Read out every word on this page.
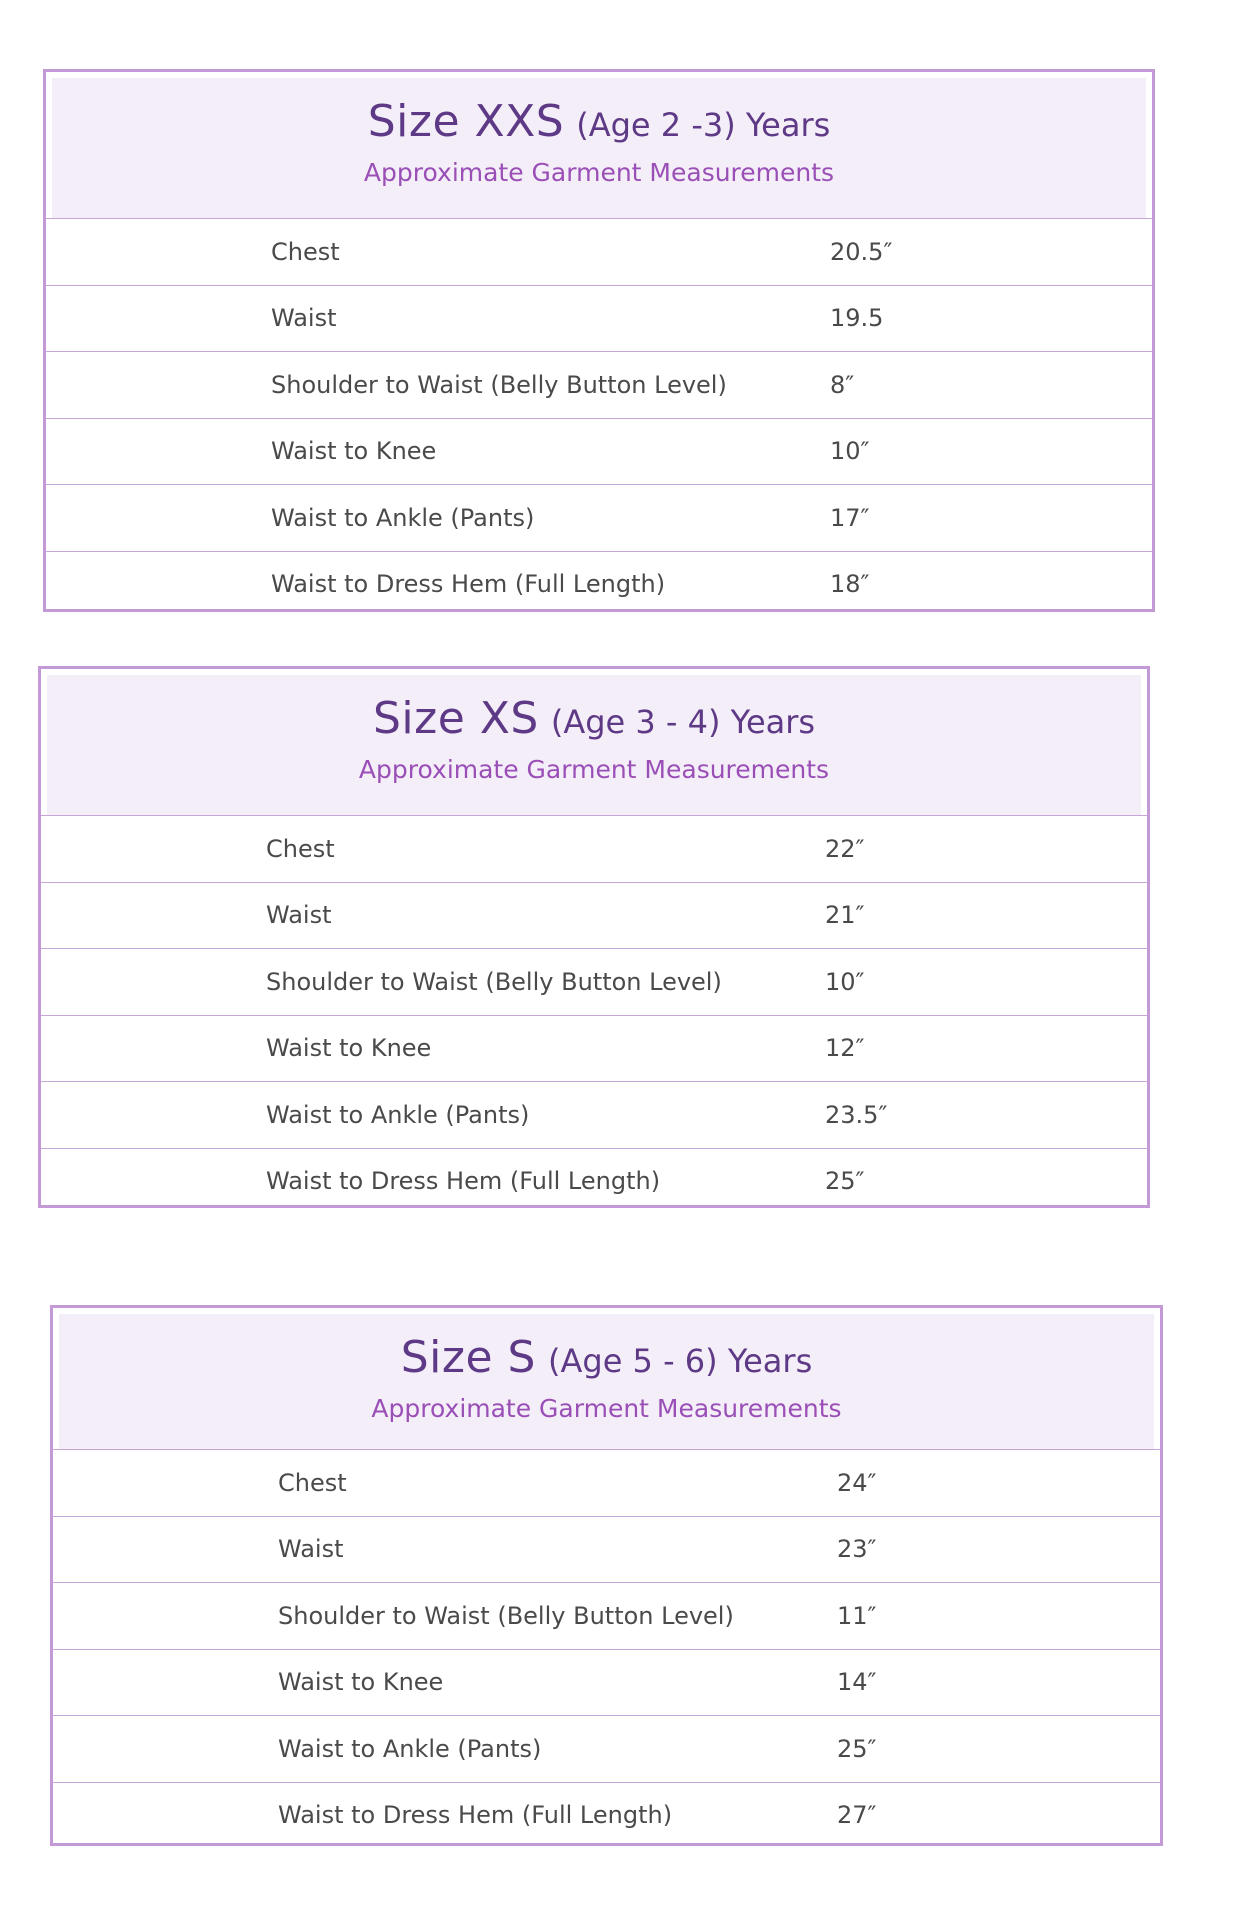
Size XXS (Age 2 -3) Years
Approximate Garment Measurements
Chest	20.5″
Waist	19.5
Shoulder to Waist (Belly Button Level)	8″
Waist to Knee	10″
Waist to Ankle (Pants)	17″
Waist to Dress Hem (Full Length)	18″
Size XS (Age 3 - 4) Years
Approximate Garment Measurements
Chest	22″
Waist	21″
Shoulder to Waist (Belly Button Level)	10″
Waist to Knee	12″
Waist to Ankle (Pants)	23.5″
Waist to Dress Hem (Full Length)	25″
Size S (Age 5 - 6) Years
Approximate Garment Measurements
Chest	24″
Waist	23″
Shoulder to Waist (Belly Button Level)	11″
Waist to Knee	14″
Waist to Ankle (Pants)	25″
Waist to Dress Hem (Full Length)	27″
